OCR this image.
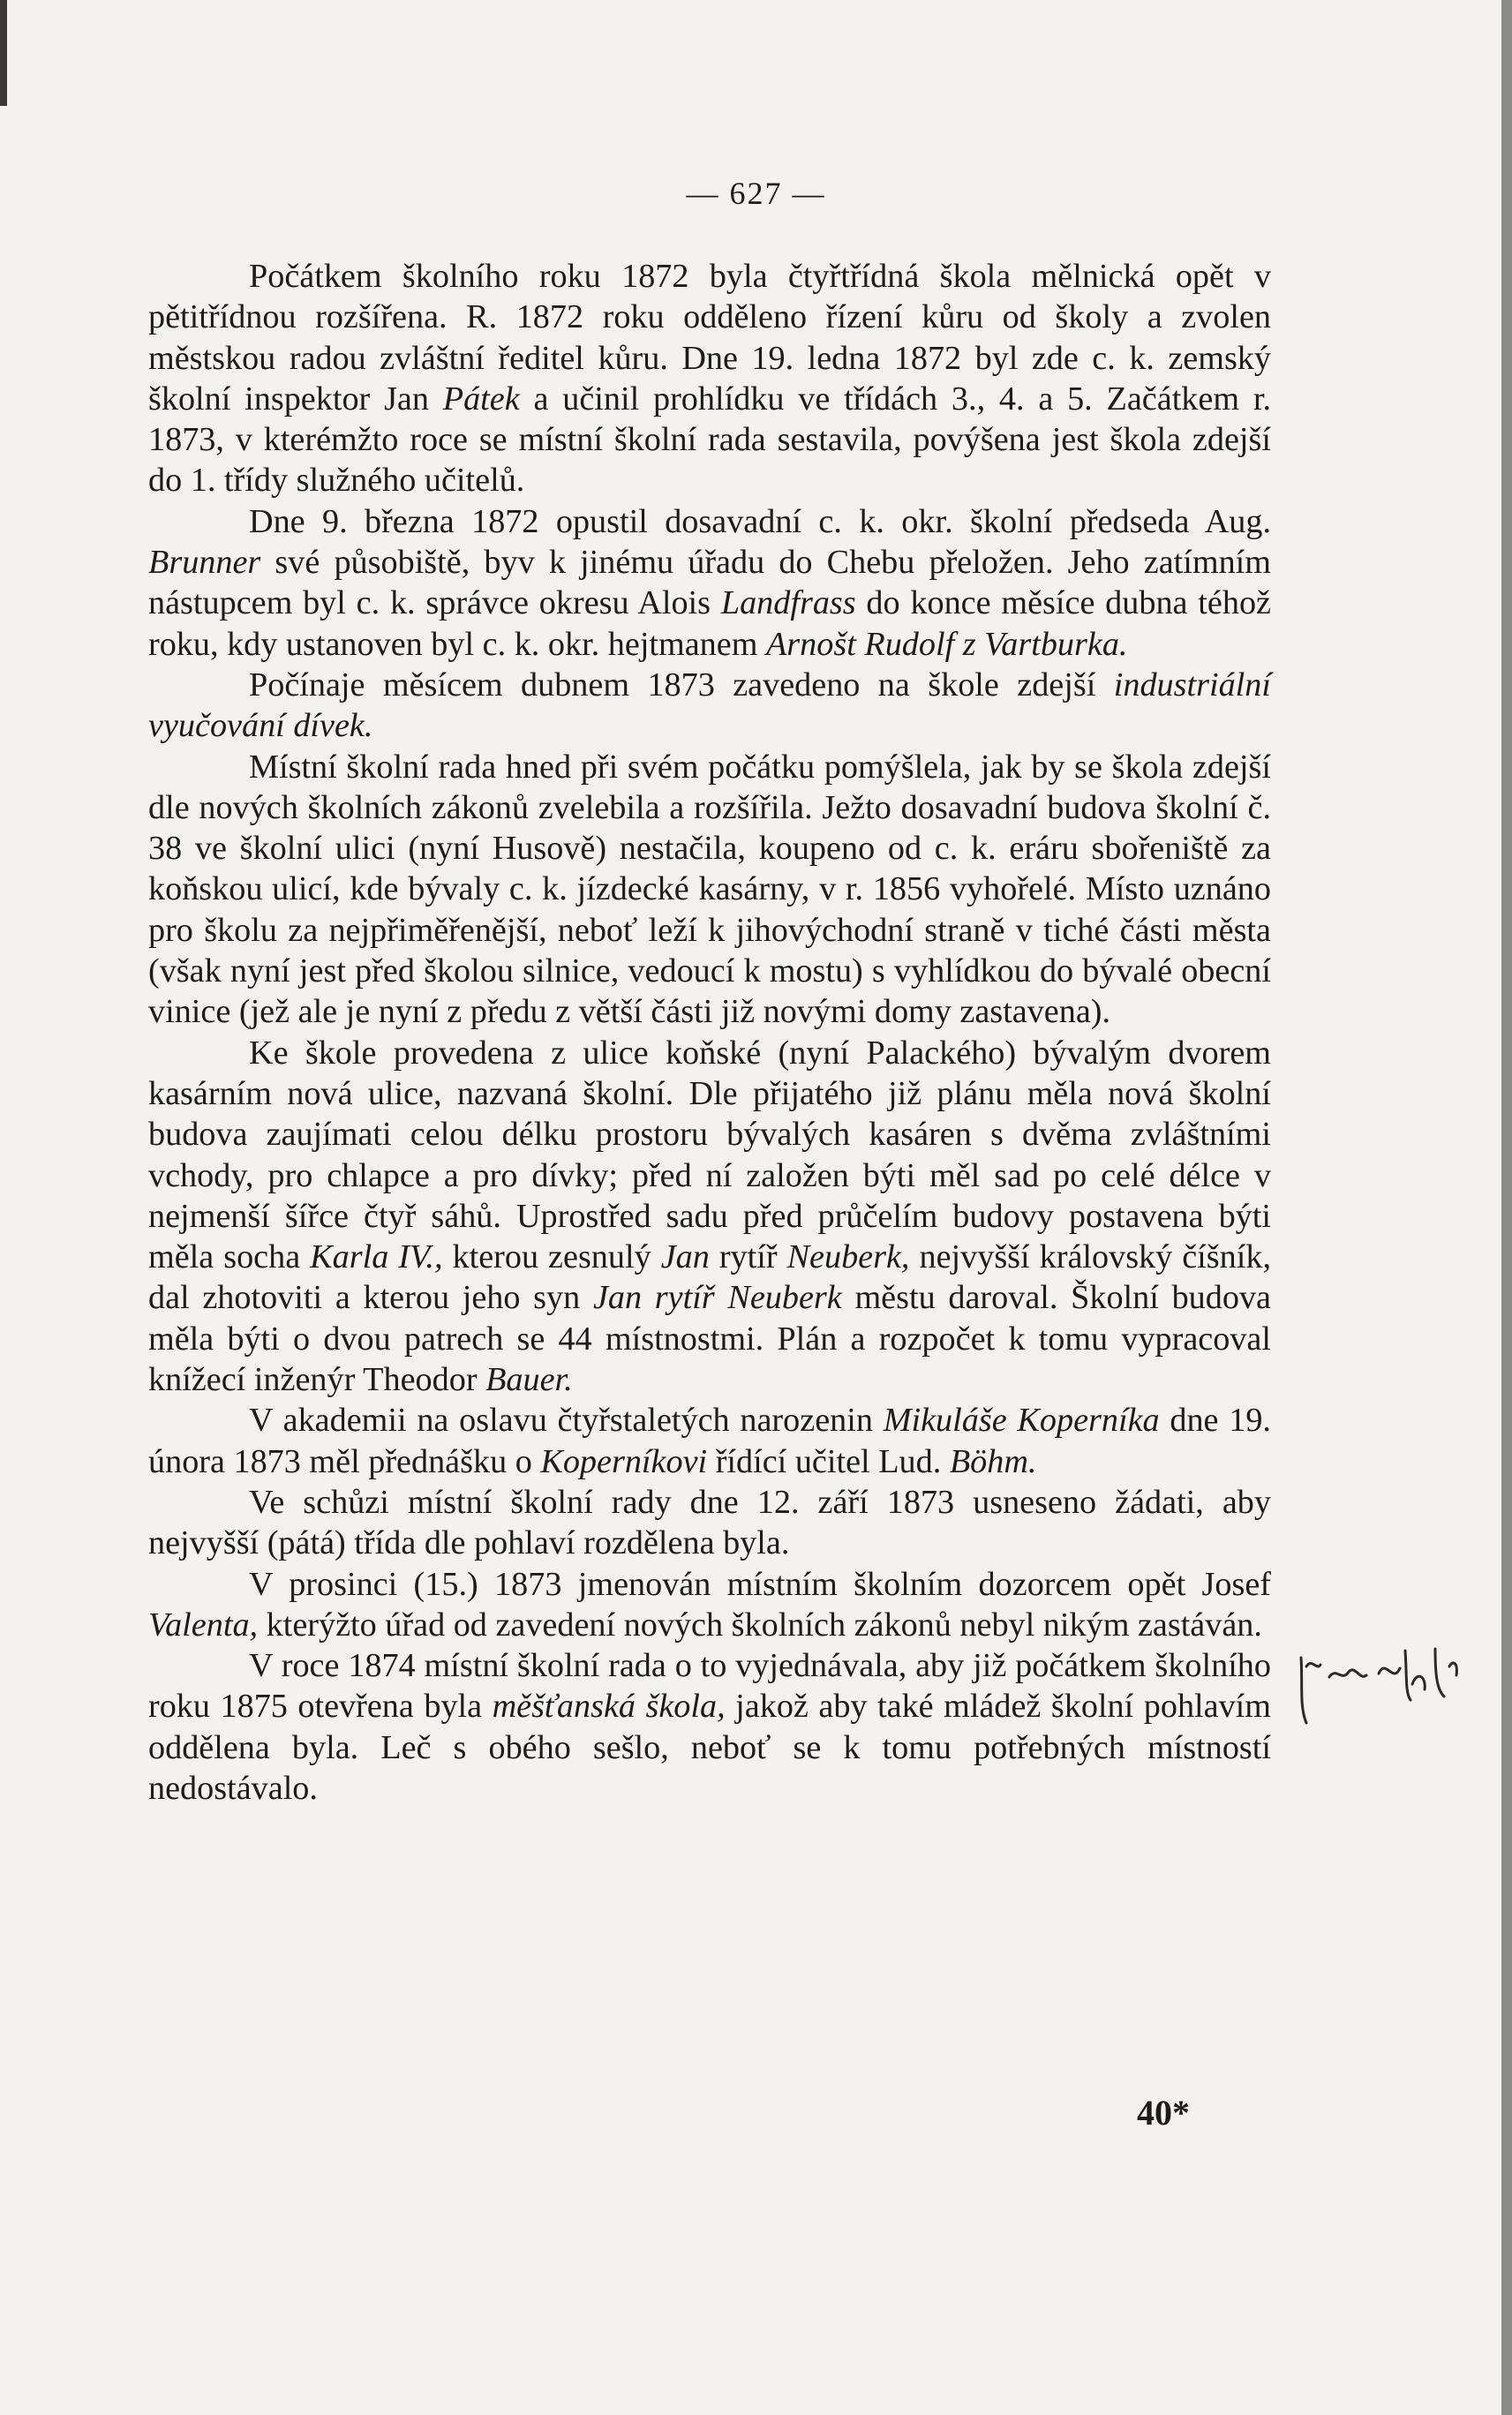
— 627 —

Počátkem školního roku 1872 byla čtyřtřídná škola mělnická opět v pětitřídnou rozšířena. R. 1872 roku odděleno řízení kůru od školy a zvolen městskou radou zvláštní ředitel kůru. Dne 19. ledna 1872 byl zde c. k. zemský školní inspektor Jan Pátek a učinil prohlídku ve třídách 3., 4. a 5. Začátkem r. 1873, v kterémžto roce se místní školní rada sestavila, povýšena jest škola zdejší do 1. třídy služného učitelů.

Dne 9. března 1872 opustil dosavadní c. k. okr. školní předseda Aug. Brunner své působiště, byv k jinému úřadu do Chebu přeložen. Jeho zatímním nástupcem byl c. k. správce okresu Alois Landfrass do konce měsíce dubna téhož roku, kdy ustanoven byl c. k. okr. hejtmanem Arnošt Rudolf z Vartburka.

Počínaje měsícem dubnem 1873 zavedeno na škole zdejší industriální vyučování dívek.

Místní školní rada hned při svém počátku pomýšlela, jak by se škola zdejší dle nových školních zákonů zvelebila a rozšířila. Ježto dosavadní budova školní č. 38 ve školní ulici (nyní Husově) nestačila, koupeno od c. k. eráru sbořeniště za koňskou ulicí, kde bývaly c. k. jízdecké kasárny, v r. 1856 vyhořelé. Místo uznáno pro školu za nejpřiměřenější, neboť leží k jihovýchodní straně v tiché části města (však nyní jest před školou silnice, vedoucí k mostu) s vyhlídkou do bývalé obecní vinice (jež ale je nyní z předu z větší části již novými domy zastavena).

Ke škole provedena z ulice koňské (nyní Palackého) bývalým dvorem kasárním nová ulice, nazvaná školní. Dle přijatého již plánu měla nová školní budova zaujímati celou délku prostoru bývalých kasáren s dvěma zvláštními vchody, pro chlapce a pro dívky; před ní založen býti měl sad po celé délce v nejmenší šířce čtyř sáhů. Uprostřed sadu před průčelím budovy postavena býti měla socha Karla IV., kterou zesnulý Jan rytíř Neuberk, nejvyšší královský číšník, dal zhotoviti a kterou jeho syn Jan rytíř Neuberk městu daroval. Školní budova měla býti o dvou patrech se 44 místnostmi. Plán a rozpočet k tomu vypracoval knížecí inženýr Theodor Bauer.

V akademii na oslavu čtyřstaletých narozenin Mikuláše Koperníka dne 19. února 1873 měl přednášku o Koperníkovi řídící učitel Lud. Böhm.

Ve schůzi místní školní rady dne 12. září 1873 usneseno žádati, aby nejvyšší (pátá) třída dle pohlaví rozdělena byla.

V prosinci (15.) 1873 jmenován místním školním dozorcem opět Josef Valenta, kterýžto úřad od zavedení nových školních zákonů nebyl nikým zastáván.

V roce 1874 místní školní rada o to vyjednávala, aby již počátkem školního roku 1875 otevřena byla měšťanská škola, jakož aby také mládež školní pohlavím oddělena byla. Leč s obého sešlo, neboť se k tomu potřebných místností nedostávalo.

40*
